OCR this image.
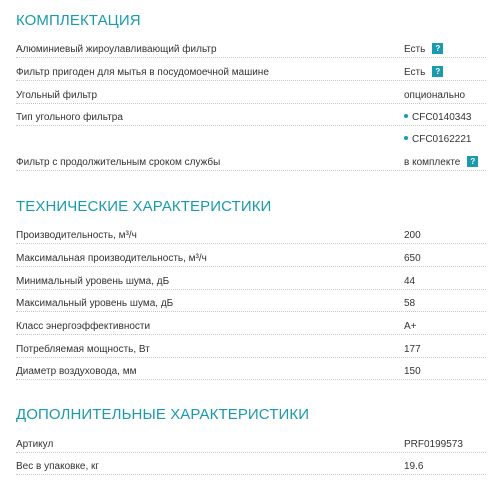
КОМПЛЕКТАЦИЯ
Алюминиевый жироулавливающий фильтр	Есть ?
Фильтр пригоден для мытья в посудомоечной машине	Есть ?
Угольный фильтр	опционально
Тип угольного фильтра	CFC0140343
CFC0162221
Фильтр с продолжительным сроком службы	в комплекте ?
ТЕХНИЧЕСКИЕ ХАРАКТЕРИСТИКИ
Производительность, м³/ч	200
Максимальная производительность, м³/ч	650
Минимальный уровень шума, дБ	44
Максимальный уровень шума, дБ	58
Класс энергоэффективности	A+
Потребляемая мощность, Вт	177
Диаметр воздуховода, мм	150
ДОПОЛНИТЕЛЬНЫЕ ХАРАКТЕРИСТИКИ
Артикул	PRF0199573
Вес в упаковке, кг	19.6
